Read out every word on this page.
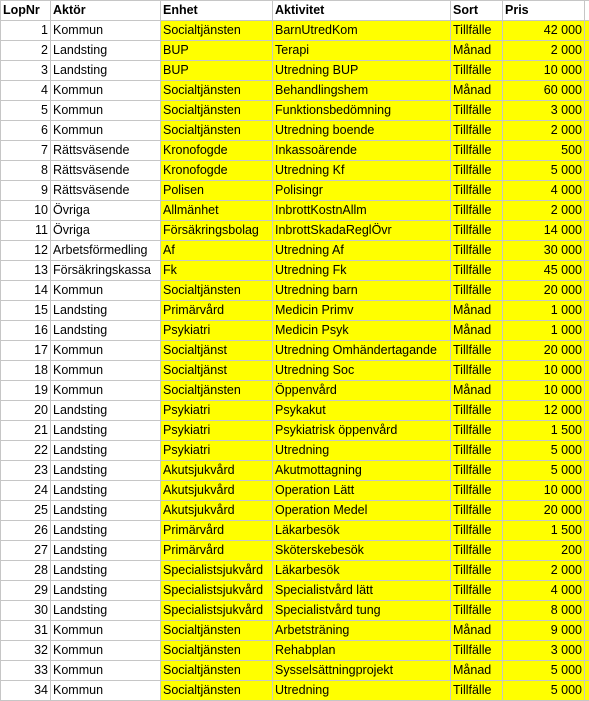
LopNr	Aktör	Enhet	Aktivitet	Sort	Pris	
1	Kommun	Socialtjänsten	BarnUtredKom	Tillfälle	42 000	
2	Landsting	BUP	Terapi	Månad	2 000	
3	Landsting	BUP	Utredning BUP	Tillfälle	10 000	
4	Kommun	Socialtjänsten	Behandlingshem	Månad	60 000	
5	Kommun	Socialtjänsten	Funktionsbedömning	Tillfälle	3 000	
6	Kommun	Socialtjänsten	Utredning boende	Tillfälle	2 000	
7	Rättsväsende	Kronofogde	Inkassoärende	Tillfälle	500	
8	Rättsväsende	Kronofogde	Utredning Kf	Tillfälle	5 000	
9	Rättsväsende	Polisen	Polisingr	Tillfälle	4 000	
10	Övriga	Allmänhet	InbrottKostnAllm	Tillfälle	2 000	
11	Övriga	Försäkringsbolag	InbrottSkadaReglÖvr	Tillfälle	14 000	
12	Arbetsförmedling	Af	Utredning Af	Tillfälle	30 000	
13	Försäkringskassa	Fk	Utredning Fk	Tillfälle	45 000	
14	Kommun	Socialtjänsten	Utredning barn	Tillfälle	20 000	
15	Landsting	Primärvård	Medicin Primv	Månad	1 000	
16	Landsting	Psykiatri	Medicin Psyk	Månad	1 000	
17	Kommun	Socialtjänst	Utredning Omhändertagande	Tillfälle	20 000	
18	Kommun	Socialtjänst	Utredning Soc	Tillfälle	10 000	
19	Kommun	Socialtjänsten	Öppenvård	Månad	10 000	
20	Landsting	Psykiatri	Psykakut	Tillfälle	12 000	
21	Landsting	Psykiatri	Psykiatrisk öppenvård	Tillfälle	1 500	
22	Landsting	Psykiatri	Utredning	Tillfälle	5 000	
23	Landsting	Akutsjukvård	Akutmottagning	Tillfälle	5 000	
24	Landsting	Akutsjukvård	Operation Lätt	Tillfälle	10 000	
25	Landsting	Akutsjukvård	Operation Medel	Tillfälle	20 000	
26	Landsting	Primärvård	Läkarbesök	Tillfälle	1 500	
27	Landsting	Primärvård	Sköterskebesök	Tillfälle	200	
28	Landsting	Specialistsjukvård	Läkarbesök	Tillfälle	2 000	
29	Landsting	Specialistsjukvård	Specialistvård lätt	Tillfälle	4 000	
30	Landsting	Specialistsjukvård	Specialistvård tung	Tillfälle	8 000	
31	Kommun	Socialtjänsten	Arbetsträning	Månad	9 000	
32	Kommun	Socialtjänsten	Rehabplan	Tillfälle	3 000	
33	Kommun	Socialtjänsten	Sysselsättningprojekt	Månad	5 000	
34	Kommun	Socialtjänsten	Utredning	Tillfälle	5 000	
